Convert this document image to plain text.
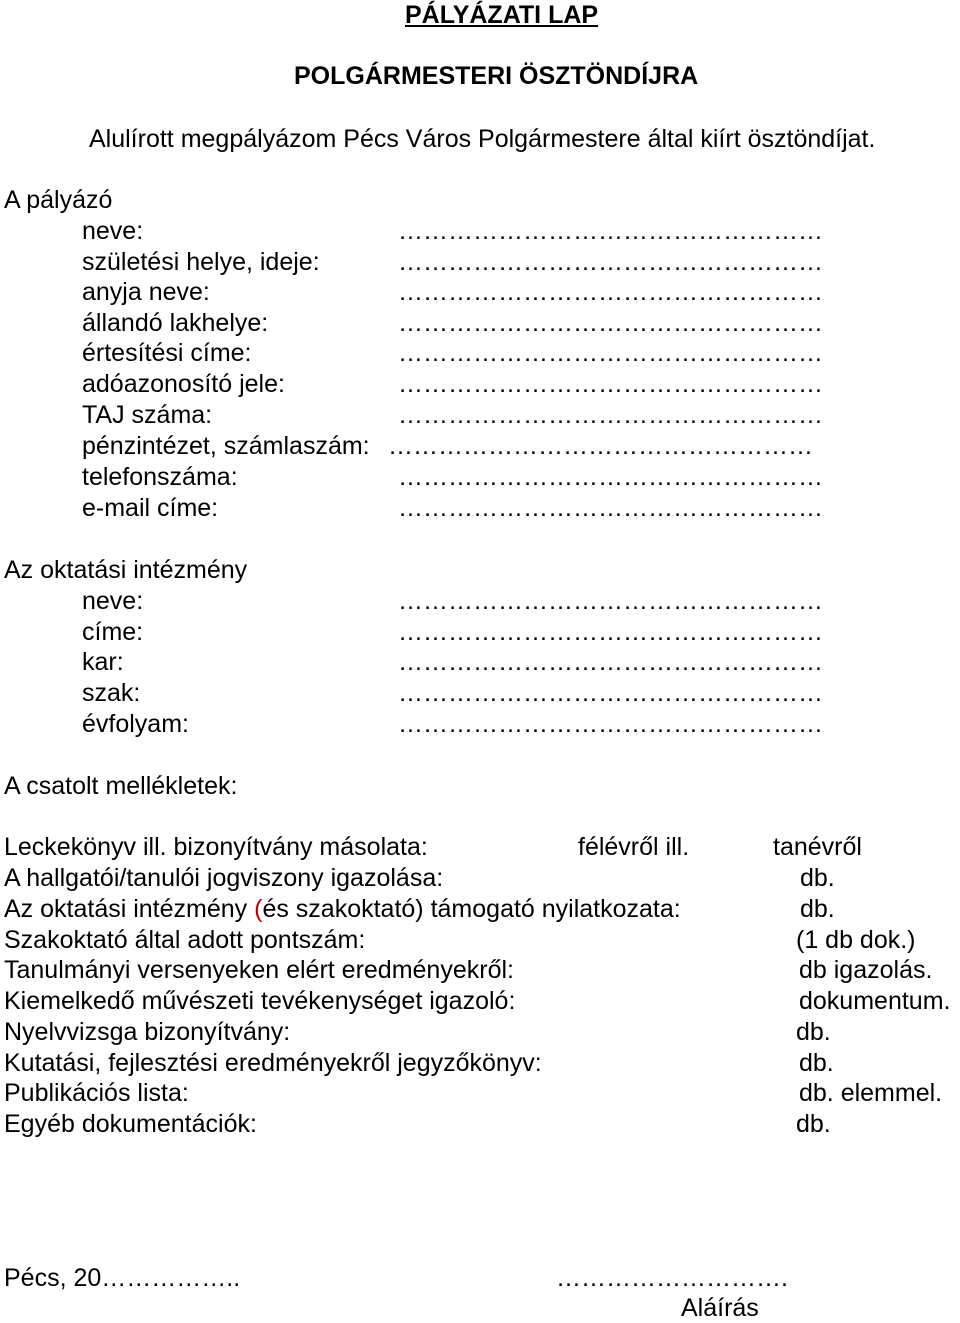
PÁLYÁZATI LAP
POLGÁRMESTERI ÖSZTÖNDÍJRA
Alulírott megpályázom Pécs Város Polgármestere által kiírt ösztöndíjat.
A pályázó
neve:	……………………………………………
születési helye, ideje:	……………………………………………
anyja neve:	……………………………………………
állandó lakhelye:	……………………………………………
értesítési címe:	……………………………………………
adóazonosító jele:	……………………………………………
TAJ száma:	……………………………………………
pénzintézet, számlaszám: ……………………………………………
telefonszáma:	……………………………………………
e-mail címe:	……………………………………………
Az oktatási intézmény
neve:	……………………………………………
címe:	……………………………………………
kar:	……………………………………………
szak:	……………………………………………
évfolyam:	……………………………………………
A csatolt mellékletek:
Leckekönyv ill. bizonyítvány másolata:	félévről ill.	tanévről
A hallgatói/tanulói jogviszony igazolása:	db.
Az oktatási intézmény (és szakoktató) támogató nyilatkozata:	db.
Szakoktató által adott pontszám:	(1 db dok.)
Tanulmányi versenyeken elért eredményekről:	db igazolás.
Kiemelkedő művészeti tevékenységet igazoló:	dokumentum.
Nyelvvizsga bizonyítvány:	db.
Kutatási, fejlesztési eredményekről jegyzőkönyv:	db.
Publikációs lista:	db. elemmel.
Egyéb dokumentációk:	db.
Pécs, 20……………..	……………………….
Aláírás
